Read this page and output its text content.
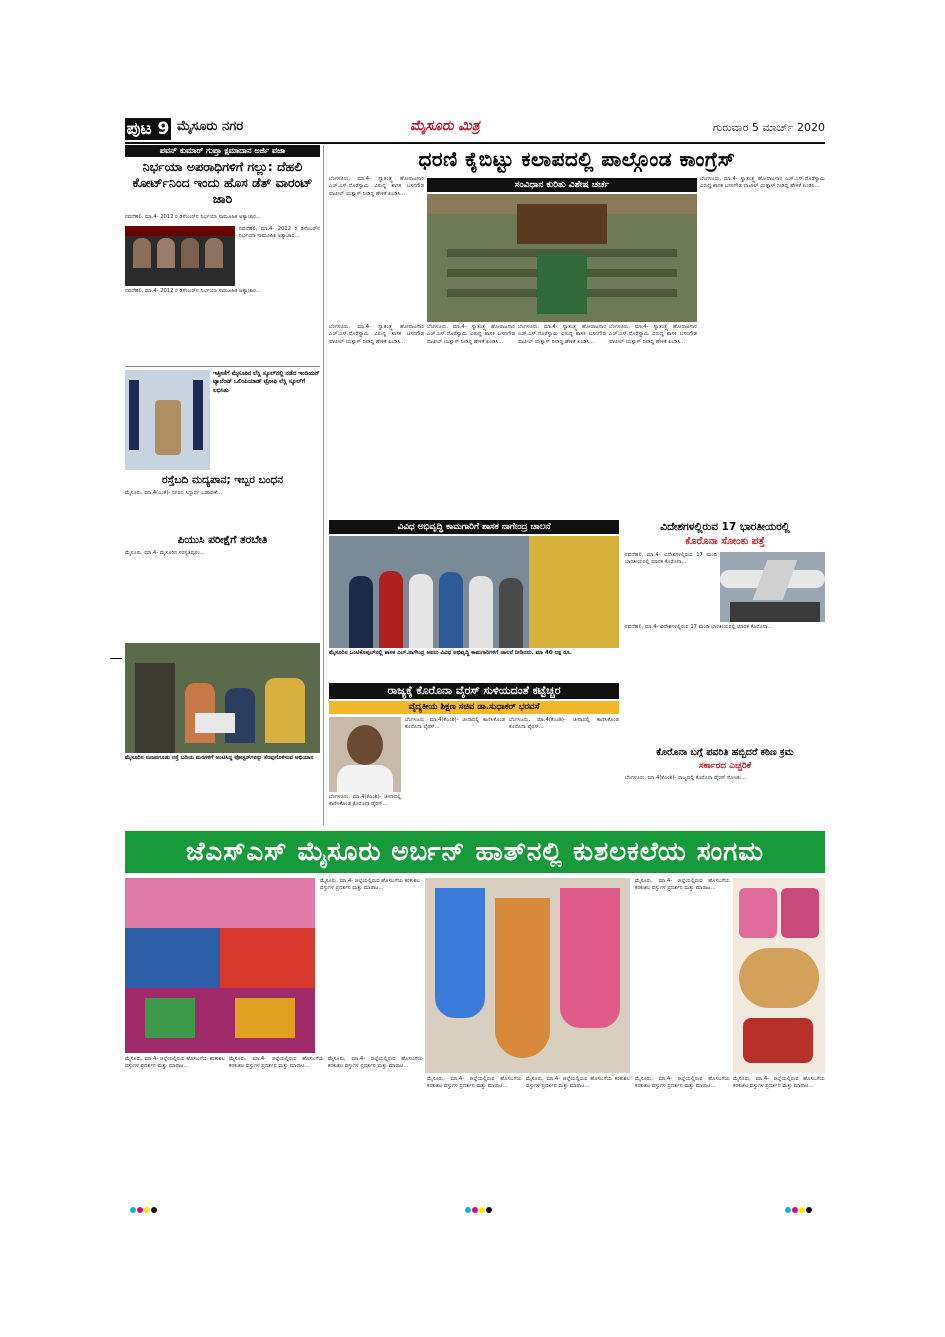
ಪುಟ 9 ಮೈಸೂರು ನಗರ	ಮೈಸೂರು ಮಿತ್ರ	ಗುರುವಾರ 5 ಮಾರ್ಚ್ 2020
ಪವನ್ ಕುಮಾರ್ ಗುಪ್ತಾ ಕ್ಷಮಾದಾನ ಅರ್ಜಿ ವಜಾ
ನಿರ್ಭಯಾ ಅಪರಾಧಿಗಳಿಗೆ ಗಲ್ಲು: ದೆಹಲಿ ಕೋರ್ಟ್‌ನಿಂದ ಇಂದು ಹೊಸ ಡೆತ್ ವಾರಂಟ್ ಜಾರಿ
ನವದೆಹಲಿ, ಮಾ.4- 2012 ರ ಡಿಸೆಂಬರ್‌ನ ನಿರ್ಭಯಾ ಸಾಮೂಹಿಕ ಅತ್ಯಾಚಾರ...
ನವದೆಹಲಿ, ಮಾ.4- 2012 ರ ಡಿಸೆಂಬರ್‌ನ ನಿರ್ಭಯಾ ಸಾಮೂಹಿಕ ಅತ್ಯಾಚಾರ...
ನವದೆಹಲಿ, ಮಾ.4- 2012 ರ ಡಿಸೆಂಬರ್‌ನ ನಿರ್ಭಯಾ ಸಾಮೂಹಿಕ ಅತ್ಯಾಚಾರ...
ಇತ್ತೀಚೆಗೆ ಮೈಸೂರಿನ ಲೆಸ್ಲಿ ಸ್ಕೂಲ್‌ನಲ್ಲಿ ನಡೆದ ಇಂಡಿಯನ್ ಟ್ಯಾಲೆಂಟ್ ಒಲಿಂಪಿಯಾಡ್ ಟ್ರೋಫಿ ಲೆಸ್ಲಿ ಸ್ಕೂಲ್‌ಗೆ ಲಭಿಸಿತು
ರಸ್ತೆಬದಿ ಮದ್ಯಪಾನ; ಇಬ್ಬರ ಬಂಧನ
ಮೈಸೂರು, ಮಾ.4(ಎಂಕೆ)- ನಗರದ ಸಿದ್ದಾರ್ಥ ಬಡಾವಣೆ...
ಪಿಯುಸಿ ಪರೀಕ್ಷೆಗೆ ತರಬೇತಿ
ಮೈಸೂರು, ಮಾ.4- ಮೈಸೂರಿನ ಸರಸ್ವತಿಪುರಂ...
ಮೈಸೂರಿನ ನಂಜನಗೂಡು ರಸ್ತೆ ಬದಿಯ ಮರಗಳಿಗೆ ಅಂಟಿಸಿದ್ದ ಪೋಸ್ಟರ್‌ಗಳನ್ನು ತೆರವುಗೊಳಿಸುವ ಅಭಿಯಾನ
ಧರಣಿ ಕೈಬಿಟ್ಟು ಕಲಾಪದಲ್ಲಿ ಪಾಲ್ಗೊಂಡ ಕಾಂಗ್ರೆಸ್
ಬೆಂಗಳೂರು, ಮಾ.4- ಸ್ವಾತಂತ್ರ್ಯ ಹೋರಾಟಗಾರ ಎಚ್.ಎಸ್.ದೊರೆಸ್ವಾಮಿ ವಿರುದ್ಧ ಶಾಸಕ ಬಸನಗೌಡ ಪಾಟೀಲ್ ಯತ್ನಾಳ್ ನೀಡಿದ್ದ ಹೇಳಿಕೆ ಖಂಡಿಸಿ...
ಸಂವಿಧಾನ ಕುರಿತು ವಿಶೇಷ ಚರ್ಚೆ
ಬೆಂಗಳೂರು, ಮಾ.4- ಸ್ವಾತಂತ್ರ್ಯ ಹೋರಾಟಗಾರ ಎಚ್.ಎಸ್.ದೊರೆಸ್ವಾಮಿ ವಿರುದ್ಧ ಶಾಸಕ ಬಸನಗೌಡ ಪಾಟೀಲ್ ಯತ್ನಾಳ್ ನೀಡಿದ್ದ ಹೇಳಿಕೆ ಖಂಡಿಸಿ...
ಬೆಂಗಳೂರು, ಮಾ.4- ಸ್ವಾತಂತ್ರ್ಯ ಹೋರಾಟಗಾರ ಎಚ್.ಎಸ್.ದೊರೆಸ್ವಾಮಿ ವಿರುದ್ಧ ಶಾಸಕ ಬಸನಗೌಡ ಪಾಟೀಲ್ ಯತ್ನಾಳ್ ನೀಡಿದ್ದ ಹೇಳಿಕೆ ಖಂಡಿಸಿ...
ಬೆಂಗಳೂರು, ಮಾ.4- ಸ್ವಾತಂತ್ರ್ಯ ಹೋರಾಟಗಾರ ಎಚ್.ಎಸ್.ದೊರೆಸ್ವಾಮಿ ವಿರುದ್ಧ ಶಾಸಕ ಬಸನಗೌಡ ಪಾಟೀಲ್ ಯತ್ನಾಳ್ ನೀಡಿದ್ದ ಹೇಳಿಕೆ ಖಂಡಿಸಿ...
ಬೆಂಗಳೂರು, ಮಾ.4- ಸ್ವಾತಂತ್ರ್ಯ ಹೋರಾಟಗಾರ ಎಚ್.ಎಸ್.ದೊರೆಸ್ವಾಮಿ ವಿರುದ್ಧ ಶಾಸಕ ಬಸನಗೌಡ ಪಾಟೀಲ್ ಯತ್ನಾಳ್ ನೀಡಿದ್ದ ಹೇಳಿಕೆ ಖಂಡಿಸಿ...
ಬೆಂಗಳೂರು, ಮಾ.4- ಸ್ವಾತಂತ್ರ್ಯ ಹೋರಾಟಗಾರ ಎಚ್.ಎಸ್.ದೊರೆಸ್ವಾಮಿ ವಿರುದ್ಧ ಶಾಸಕ ಬಸನಗೌಡ ಪಾಟೀಲ್ ಯತ್ನಾಳ್ ನೀಡಿದ್ದ ಹೇಳಿಕೆ ಖಂಡಿಸಿ...
ವಿವಿಧ ಅಭಿವೃದ್ಧಿ ಕಾಮಗಾರಿಗೆ ಶಾಸಕ ನಾಗೇಂದ್ರ ಚಾಲನೆ
ಮೈಸೂರಿನ ಒಂಟಿಕೊಪ್ಪಲ್‌ನಲ್ಲಿ ಶಾಸಕ ಎಲ್.ನಾಗೇಂದ್ರ ಅವರು ವಿವಿಧ ಅಭಿವೃದ್ಧಿ ಕಾಮಗಾರಿಗಳಿಗೆ ಚಾಲನೆ ನೀಡಿದರು. ಮಾ 40 ಲಕ್ಷ ರೂ.
ವಿದೇಶಗಳಲ್ಲಿರುವ 17 ಭಾರತೀಯರಲ್ಲಿ
ಕೊರೊನಾ ಸೋಂಕು ಪತ್ತೆ
ನವದೆಹಲಿ, ಮಾ.4- ವಿದೇಶಗಳಲ್ಲಿರುವ 17 ಮಂದಿ ಭಾರತೀಯರಲ್ಲಿ ಮಾರಕ ಕೊರೊನಾ...
ನವದೆಹಲಿ, ಮಾ.4- ವಿದೇಶಗಳಲ್ಲಿರುವ 17 ಮಂದಿ ಭಾರತೀಯರಲ್ಲಿ ಮಾರಕ ಕೊರೊನಾ...
ರಾಜ್ಯಕ್ಕೆ ಕೊರೊನಾ ವೈರಸ್ ಸುಳಿಯದಂತೆ ಕಟ್ಟೆಚ್ಚರ
ವೈದ್ಯಕೀಯ ಶಿಕ್ಷಣ ಸಚಿವ ಡಾ.ಸುಧಾಕರ್ ಭರವಸೆ
ಬೆಂಗಳೂರು, ಮಾ.4(ಕೆಎಂಶಿ)- ಚೀನಾದಲ್ಲಿ ಕಾಣಿಸಿಕೊಂಡ ಕೊರೊನಾ ವೈರಸ್...
ಬೆಂಗಳೂರು, ಮಾ.4(ಕೆಎಂಶಿ)- ಚೀನಾದಲ್ಲಿ ಕಾಣಿಸಿಕೊಂಡ ಕೊರೊನಾ ವೈರಸ್...
ಬೆಂಗಳೂರು, ಮಾ.4(ಕೆಎಂಶಿ)- ಚೀನಾದಲ್ಲಿ ಕಾಣಿಸಿಕೊಂಡ ಕೊರೊನಾ ವೈರಸ್...
ಕೊರೊನಾ ಬಗ್ಗೆ ಪವರಿತಿ ಹಬ್ಬಿದರೆ ಕಠಿಣ ಕ್ರಮ
ಸರ್ಕಾರದ ಎಚ್ಚರಿಕೆ
ಬೆಂಗಳೂರು, ಮಾ.4(ಕೆಎಂಶಿ)- ರಾಜ್ಯದಲ್ಲಿ ಕೊರೊನಾ ವೈರಸ್ ಸೋಂಕು...
ಜೆಎಸ್‌ಎಸ್ ಮೈಸೂರು ಅರ್ಬನ್ ಹಾತ್‌ನಲ್ಲಿ ಕುಶಲಕಲೆಯ ಸಂಗಮ
ಮೈಸೂರು, ಮಾ.4- ಜಿಲ್ಲೆಯಲ್ಲಿರುವ ಹೊಸಬಗೆಯ ಕರಕುಶಲ ವಸ್ತುಗಳ ಪ್ರದರ್ಶನ ಮತ್ತು ಮಾರಾಟ...
ಮೈಸೂರು, ಮಾ.4- ಜಿಲ್ಲೆಯಲ್ಲಿರುವ ಹೊಸಬಗೆಯ ಕರಕುಶಲ ವಸ್ತುಗಳ ಪ್ರದರ್ಶನ ಮತ್ತು ಮಾರಾಟ...
ಮೈಸೂರು, ಮಾ.4- ಜಿಲ್ಲೆಯಲ್ಲಿರುವ ಹೊಸಬಗೆಯ ಕರಕುಶಲ ವಸ್ತುಗಳ ಪ್ರದರ್ಶನ ಮತ್ತು ಮಾರಾಟ...
ಮೈಸೂರು, ಮಾ.4- ಜಿಲ್ಲೆಯಲ್ಲಿರುವ ಹೊಸಬಗೆಯ ಕರಕುಶಲ ವಸ್ತುಗಳ ಪ್ರದರ್ಶನ ಮತ್ತು ಮಾರಾಟ...
ಮೈಸೂರು, ಮಾ.4- ಜಿಲ್ಲೆಯಲ್ಲಿರುವ ಹೊಸಬಗೆಯ ಕರಕುಶಲ ವಸ್ತುಗಳ ಪ್ರದರ್ಶನ ಮತ್ತು ಮಾರಾಟ...
ಮೈಸೂರು, ಮಾ.4- ಜಿಲ್ಲೆಯಲ್ಲಿರುವ ಹೊಸಬಗೆಯ ಕರಕುಶಲ ವಸ್ತುಗಳ ಪ್ರದರ್ಶನ ಮತ್ತು ಮಾರಾಟ...
ಮೈಸೂರು, ಮಾ.4- ಜಿಲ್ಲೆಯಲ್ಲಿರುವ ಹೊಸಬಗೆಯ ಕರಕುಶಲ ವಸ್ತುಗಳ ಪ್ರದರ್ಶನ ಮತ್ತು ಮಾರಾಟ...
ಮೈಸೂರು, ಮಾ.4- ಜಿಲ್ಲೆಯಲ್ಲಿರುವ ಹೊಸಬಗೆಯ ಕರಕುಶಲ ವಸ್ತುಗಳ ಪ್ರದರ್ಶನ ಮತ್ತು ಮಾರಾಟ...
ಮೈಸೂರು, ಮಾ.4- ಜಿಲ್ಲೆಯಲ್ಲಿರುವ ಹೊಸಬಗೆಯ ಕರಕುಶಲ ವಸ್ತುಗಳ ಪ್ರದರ್ಶನ ಮತ್ತು ಮಾರಾಟ...
